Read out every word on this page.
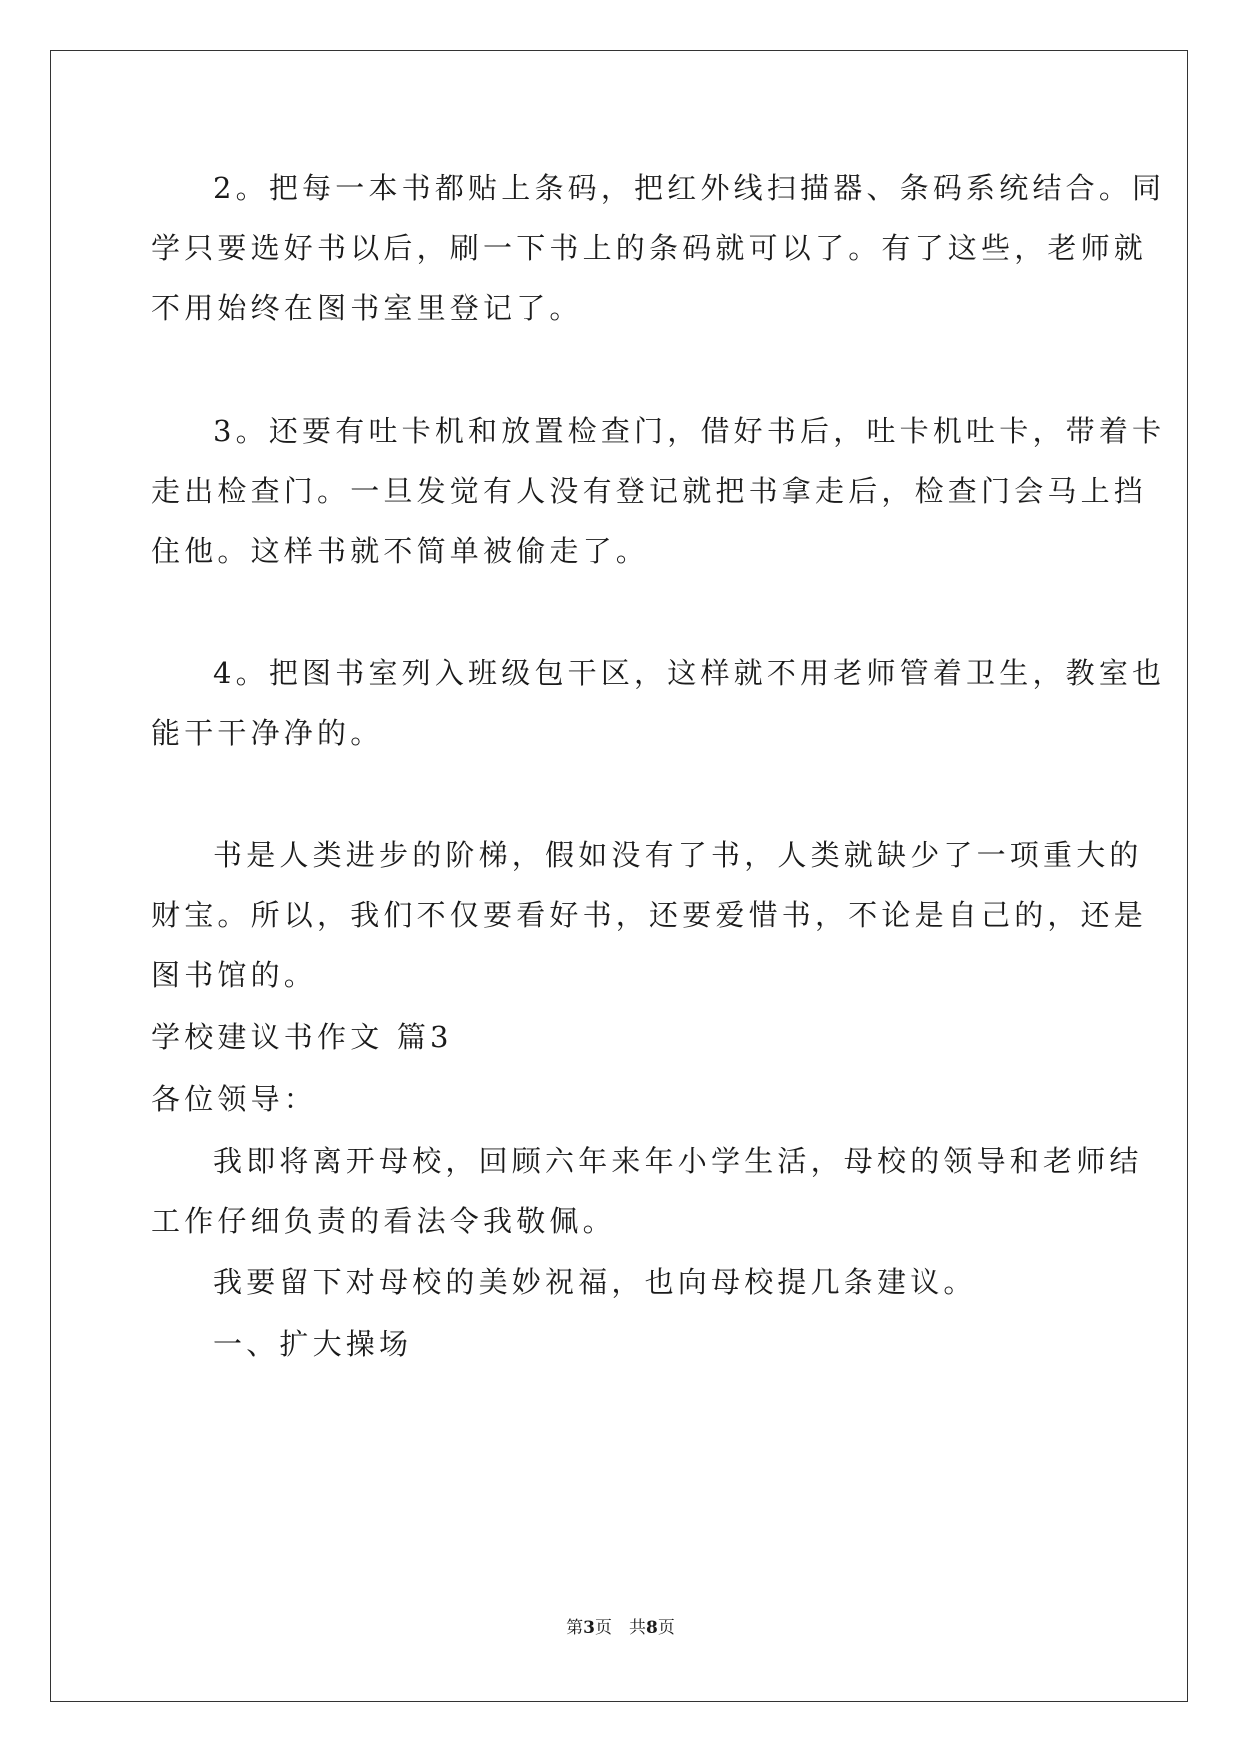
2。把每一本书都贴上条码，把红外线扫描器、条码系统结合。同
学只要选好书以后，刷一下书上的条码就可以了。有了这些，老师就
不用始终在图书室里登记了。
3。还要有吐卡机和放置检查门，借好书后，吐卡机吐卡，带着卡
走出检查门。一旦发觉有人没有登记就把书拿走后，检查门会马上挡
住他。这样书就不简单被偷走了。
4。把图书室列入班级包干区，这样就不用老师管着卫生，教室也
能干干净净的。
书是人类进步的阶梯，假如没有了书，人类就缺少了一项重大的
财宝。所以，我们不仅要看好书，还要爱惜书，不论是自己的，还是
图书馆的。
学校建议书作文 篇3
各位领导：
我即将离开母校，回顾六年来年小学生活，母校的领导和老师结
工作仔细负责的看法令我敬佩。
我要留下对母校的美妙祝福，也向母校提几条建议。
一、扩大操场
第3页　共8页
